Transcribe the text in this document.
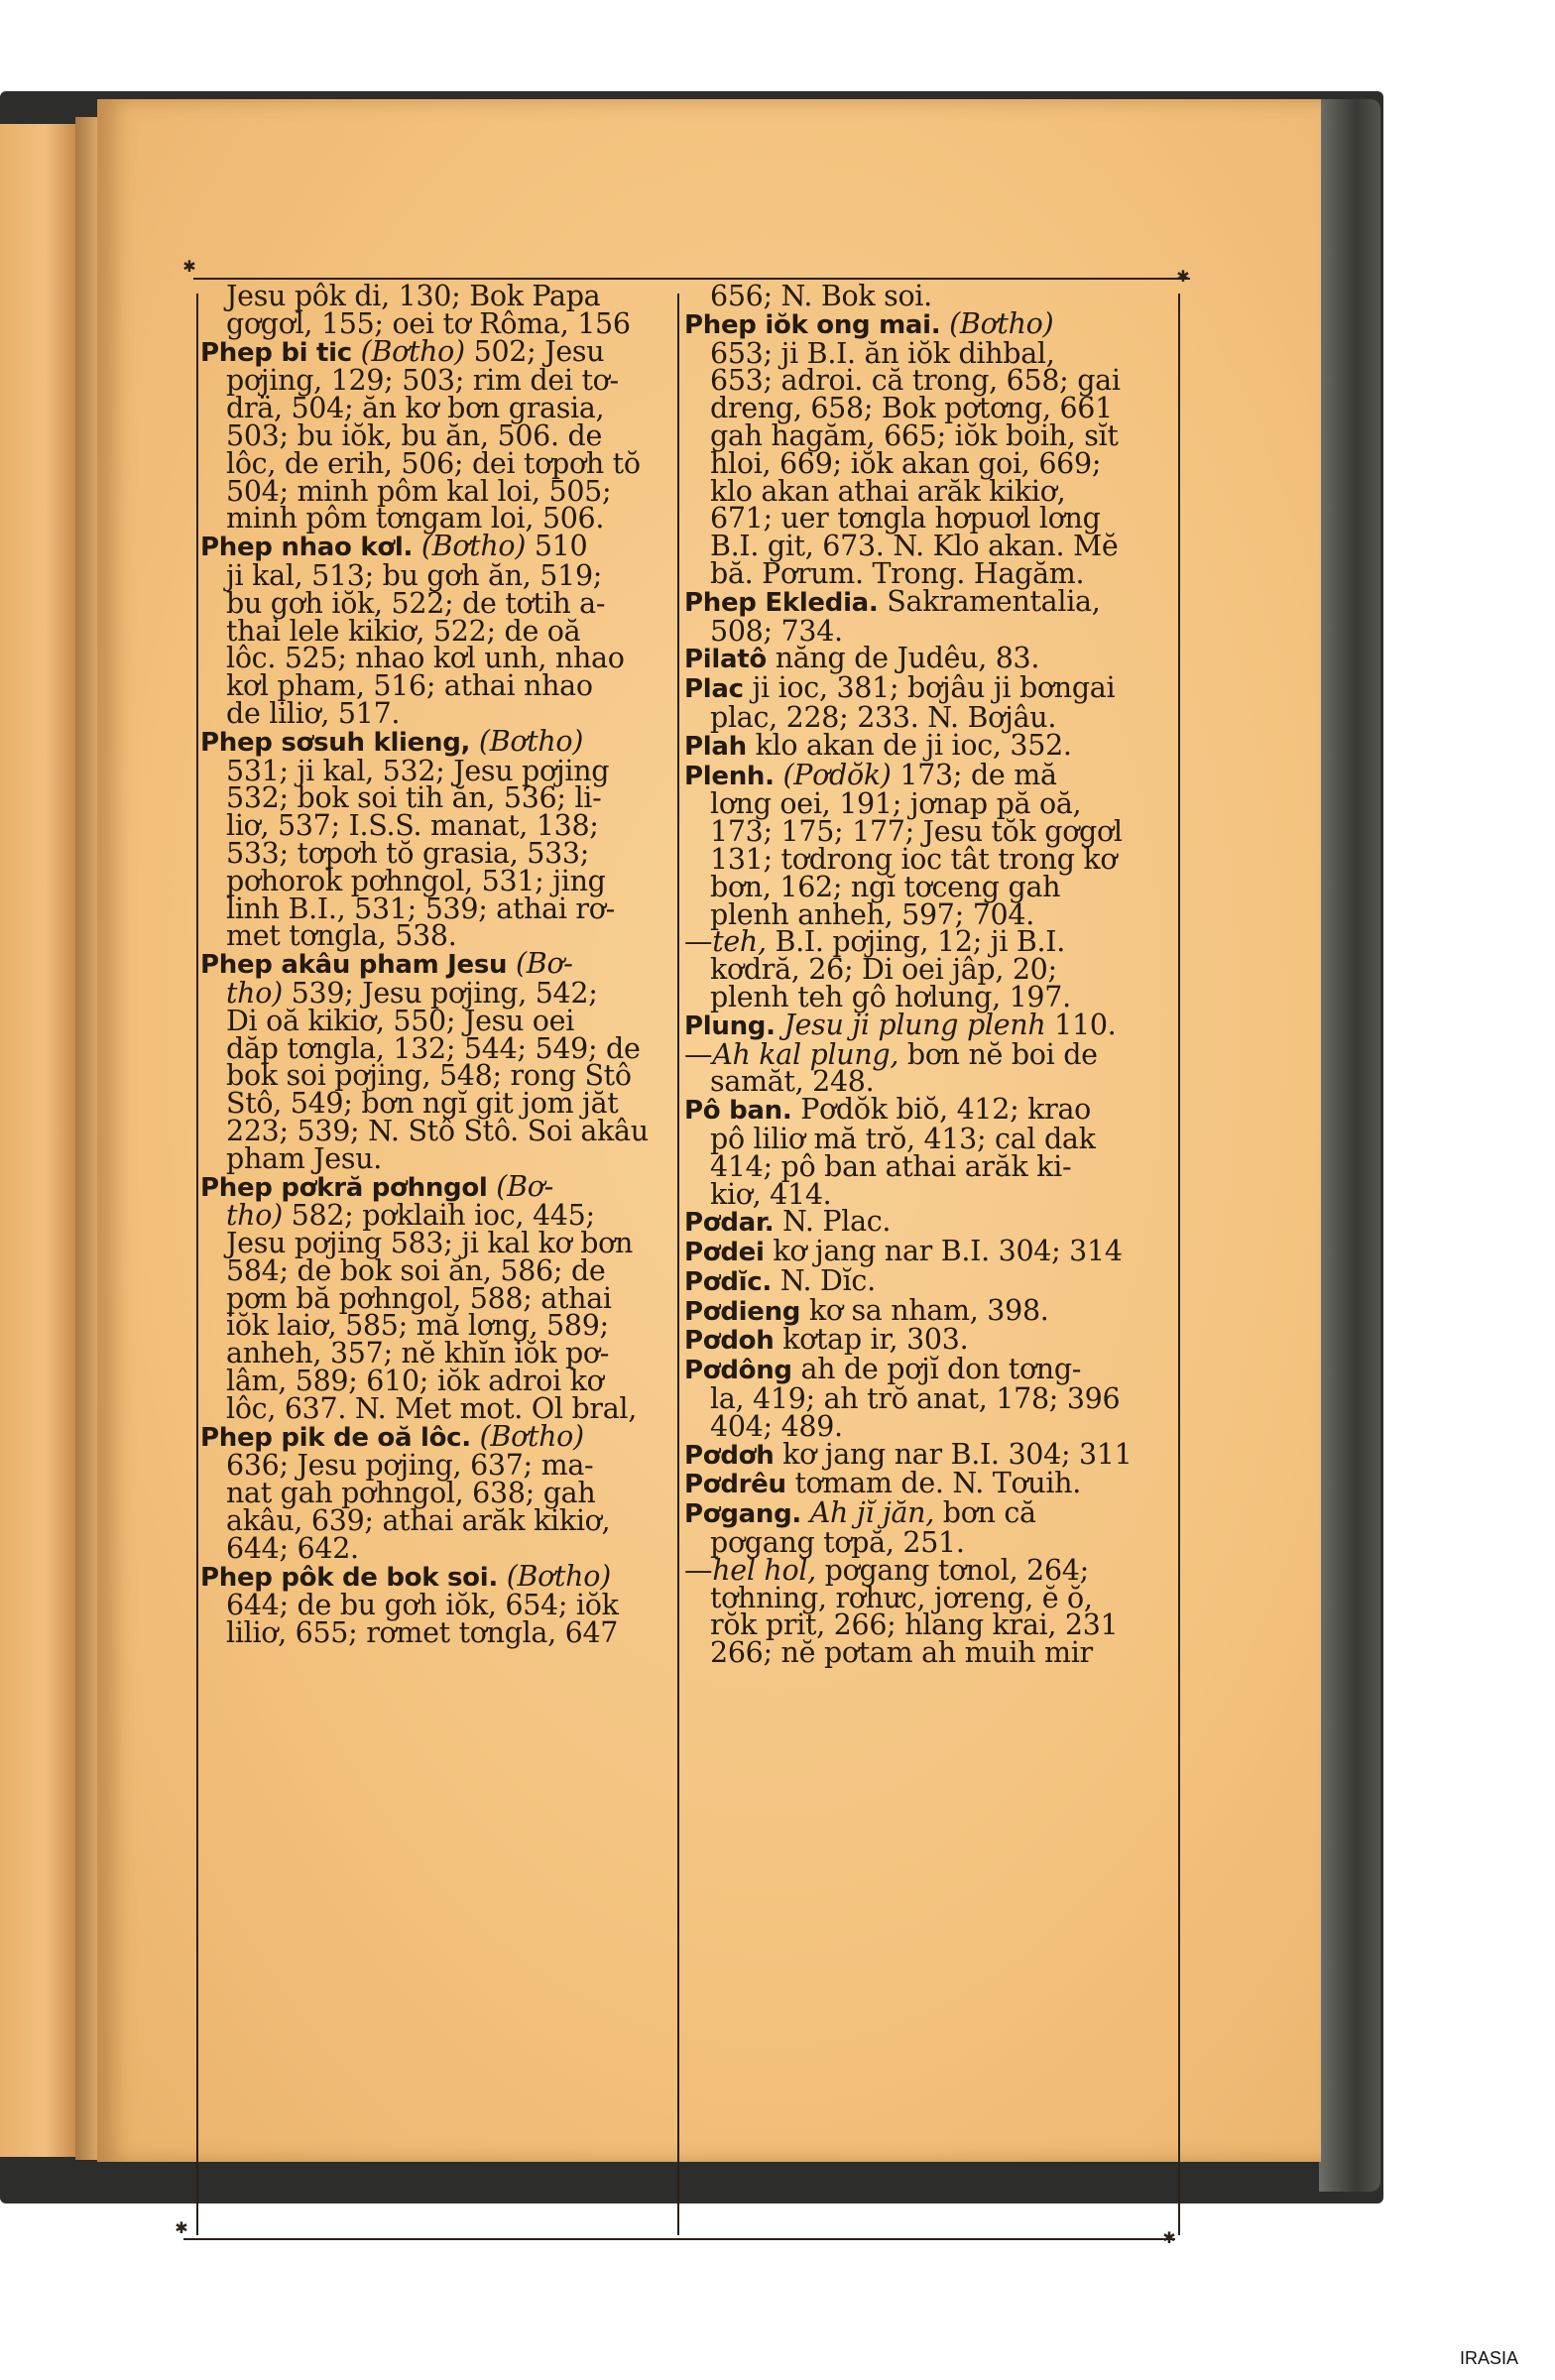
✱
✱
✱
✱
Jesu pôk di, 130; Bok Papa
gơgơl, 155; oei tơ Rôma, 156
Phep bi tic (Bơtho) 502; Jesu
pơjing, 129; 503; rim dei tơ-
drä, 504; ăn kơ bơn grasia,
503; bu iŏk, bu ăn, 506. de
lôc, de erih, 506; dei tơpơh tŏ
504; minh pôm kal loi, 505;
minh pôm tơngam loi, 506.
Phep nhao kơl. (Bơtho) 510
ji kal, 513; bu gơh ăn, 519;
bu gơh iŏk, 522; de tơtih a-
thai lele kikiơ, 522; de oă
lôc. 525; nhao kơl unh, nhao
kơl pham, 516; athai nhao
de liliơ, 517.
Phep sơsuh klieng, (Bơtho)
531; ji kal, 532; Jesu pơjing
532; bok soi tih ăn, 536; li-
liơ, 537; I.S.S. manat, 138;
533; tơpơh tŏ grasia, 533;
pơhorok pơhngol, 531; jing
linh B.I., 531; 539; athai rơ-
met tơngla, 538.
Phep akâu pham Jesu (Bơ-
tho) 539; Jesu pơjing, 542;
Di oă kikiơ, 550; Jesu oei
dăp tơngla, 132; 544; 549; de
bok soi pơjing, 548; rong Stô
Stô, 549; bơn ngĭ git jom jăt
223; 539; N. Stô Stô. Soi akâu
pham Jesu.
Phep pơkră pơhngol (Bơ-
tho) 582; pơklaih ioc, 445;
Jesu pơjing 583; ji kal kơ bơn
584; de bok soi ăn, 586; de
pơm bă pơhngol, 588; athai
iŏk laiơ, 585; mă lơng, 589;
anheh, 357; nĕ khĭn iŏk pơ-
lâm, 589; 610; iŏk adroi kơ
lôc, 637. N. Met mot. Ol bral,
Phep pik de oă lôc. (Bơtho)
636; Jesu pơjing, 637; ma-
nat gah pơhngol, 638; gah
akâu, 639; athai arăk kikiơ,
644; 642.
Phep pôk de bok soi. (Bơtho)
644; de bu gơh iŏk, 654; iŏk
liliơ, 655; rơmet tơngla, 647
656; N. Bok soi.
Phep iŏk ong mai. (Bơtho)
653; ji B.I. ăn iŏk dihbal,
653; adroi. că trong, 658; gai
dreng, 658; Bok pơtơng, 661
gah hagăm, 665; iŏk boih, sĭt
hloi, 669; iŏk akan goi, 669;
klo akan athai arăk kikiơ,
671; uer tơngla hơpuơl lơng
B.I. git, 673. N. Klo akan. Mĕ
bă. Pơrum. Trong. Hagăm.
Phep Ekledia. Sakramentalia,
508; 734.
Pilatô năng de Judêu, 83.
Plac ji ioc, 381; bơjâu ji bơngai
plac, 228; 233. N. Bơjâu.
Plah klo akan de ji ioc, 352.
Plenh. (Pơdŏk) 173; de mă
lơng oei, 191; jơnap pă oă,
173; 175; 177; Jesu tŏk gơgơl
131; tơdrong ioc tât trong kơ
bơn, 162; ngĭ tơceng gah
plenh anheh, 597; 704.
—teh, B.I. pơjing, 12; ji B.I.
kơdră, 26; Di oei jâp, 20;
plenh teh gô hơlung, 197.
Plung. Jesu ji plung plenh 110.
—Ah kal plung, bơn nĕ boi de
samăt, 248.
Pô ban. Pơdŏk biŏ, 412; krao
pô liliơ mă trŏ, 413; cal dak
414; pô ban athai arăk ki-
kiơ, 414.
Pơdar. N. Plac.
Pơdei kơ jang nar B.I. 304; 314
Pơdĭc. N. Dĭc.
Pơdieng kơ sa nham, 398.
Pơdoh kơtap ir, 303.
Pơdông ah de pơjĭ don tơng-
la, 419; ah trŏ anat, 178; 396
404; 489.
Pơdơh kơ jang nar B.I. 304; 311
Pơdrêu tơmam de. N. Tơuih.
Pơgang. Ah jĭ jăn, bơn că
pơgang tơpă, 251.
—hel hol, pơgang tơnol, 264;
tơhning, rơhưc, jơreng, ĕ ŏ,
rŏk prit, 266; hlang krai, 231
266; nĕ pơtam ah muih mir
IRASIA
